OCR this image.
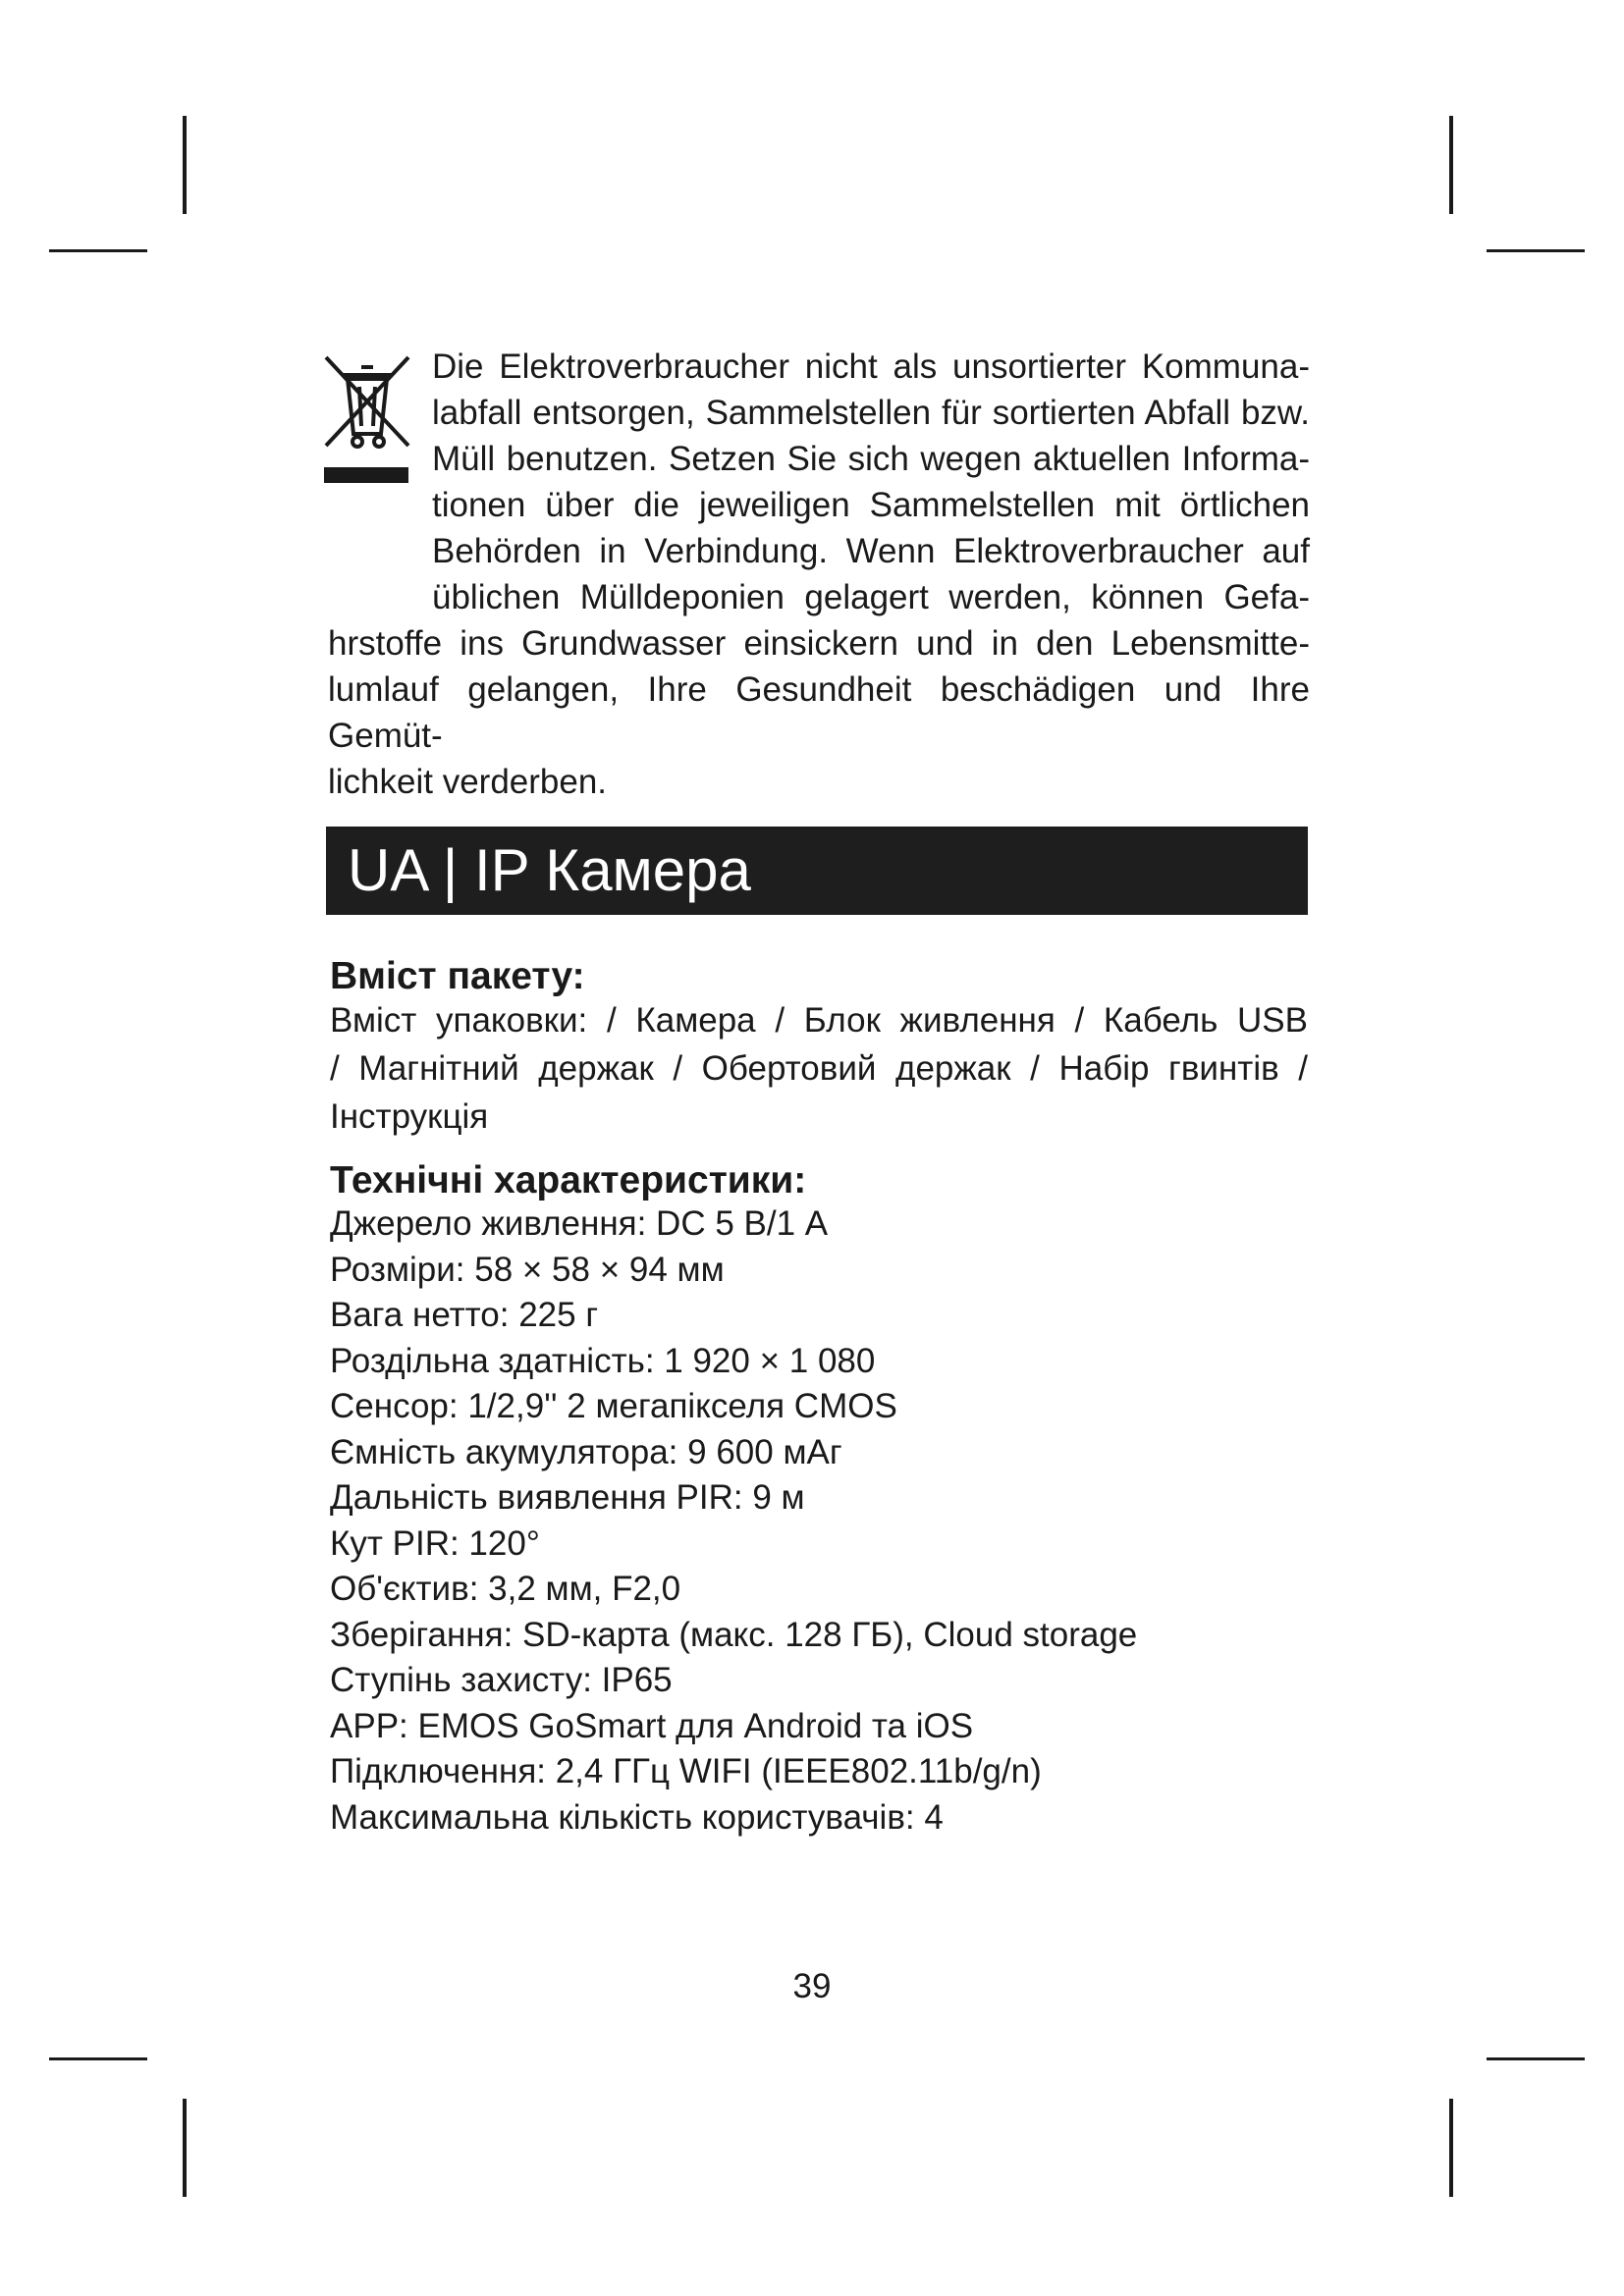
Die Elektroverbraucher nicht als unsortierter Kommuna-
labfall entsorgen, Sammelstellen für sortierten Abfall bzw.
Müll benutzen. Setzen Sie sich wegen aktuellen Informa-
tionen über die jeweiligen Sammelstellen mit örtlichen
Behörden in Verbindung. Wenn Elektroverbraucher auf
üblichen Mülldeponien gelagert werden, können Gefa-
hrstoffe ins Grundwasser einsickern und in den Lebensmitte-
lumlauf gelangen, Ihre Gesundheit beschädigen und Ihre Gemüt-
lichkeit verderben.
UA | IP Камера
Вміст пакету:
Вміст упаковки: / Камера / Блок живлення / Кабель USB
/ Магнітний держак / Обертовий держак / Набір гвинтів /
Інструкція
Технічні характеристики:
Джерело живлення: DC 5 В/1 А
Розміри: 58 × 58 × 94 мм
Вага нетто: 225 г
Роздільна здатність: 1 920 × 1 080
Сенсор: 1/2,9'' 2 мегапікселя CMOS
Ємність акумулятора: 9 600 мАг
Дальність виявлення PIR: 9 м
Кут PIR: 120°
Об'єктив: 3,2 мм, F2,0
Зберігання: SD-карта (макс. 128 ГБ), Cloud storage
Ступінь захисту: IP65
APP: EMOS GoSmart для Android та iOS
Підключення: 2,4 ГГц WIFI (IEEE802.11b/g/n)
Максимальна кількість користувачів: 4
39
